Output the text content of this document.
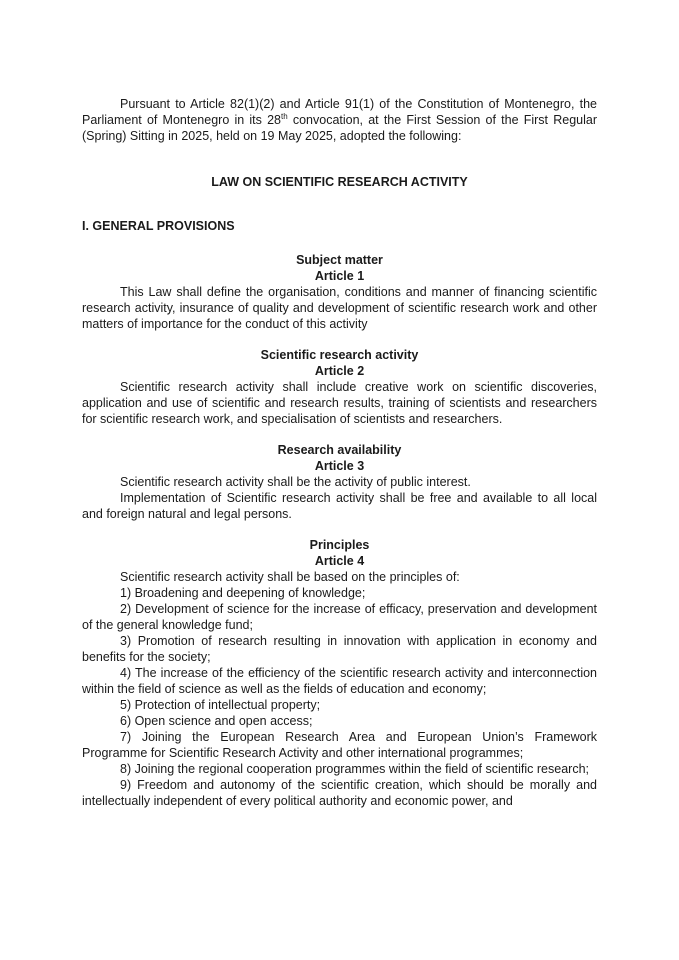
Pursuant to Article 82(1)(2) and Article 91(1) of the Constitution of Montenegro, the Parliament of Montenegro in its 28th convocation, at the First Session of the First Regular (Spring) Sitting in 2025, held on 19 May 2025, adopted the following:

LAW ON SCIENTIFIC RESEARCH ACTIVITY
I. GENERAL PROVISIONS
Subject matter
Article 1

This Law shall define the organisation, conditions and manner of financing scientific research activity, insurance of quality and development of scientific research work and other matters of importance for the conduct of this activity

Scientific research activity
Article 2

Scientific research activity shall include creative work on scientific discoveries, application and use of scientific and research results, training of scientists and researchers for scientific research work, and specialisation of scientists and researchers.

Research availability
Article 3

Scientific research activity shall be the activity of public interest.

Implementation of Scientific research activity shall be free and available to all local and foreign natural and legal persons.

Principles
Article 4

Scientific research activity shall be based on the principles of:

1) Broadening and deepening of knowledge;

2) Development of science for the increase of efficacy, preservation and development of the general knowledge fund;

3) Promotion of research resulting in innovation with application in economy and benefits for the society;

4) The increase of the efficiency of the scientific research activity and interconnection within the field of science as well as the fields of education and economy;

5) Protection of intellectual property;

6) Open science and open access;

7) Joining the European Research Area and European Union’s Framework Programme for Scientific Research Activity and other international programmes;

8) Joining the regional cooperation programmes within the field of scientific research;

9) Freedom and autonomy of the scientific creation, which should be morally and intellectually independent of every political authority and economic power, and
